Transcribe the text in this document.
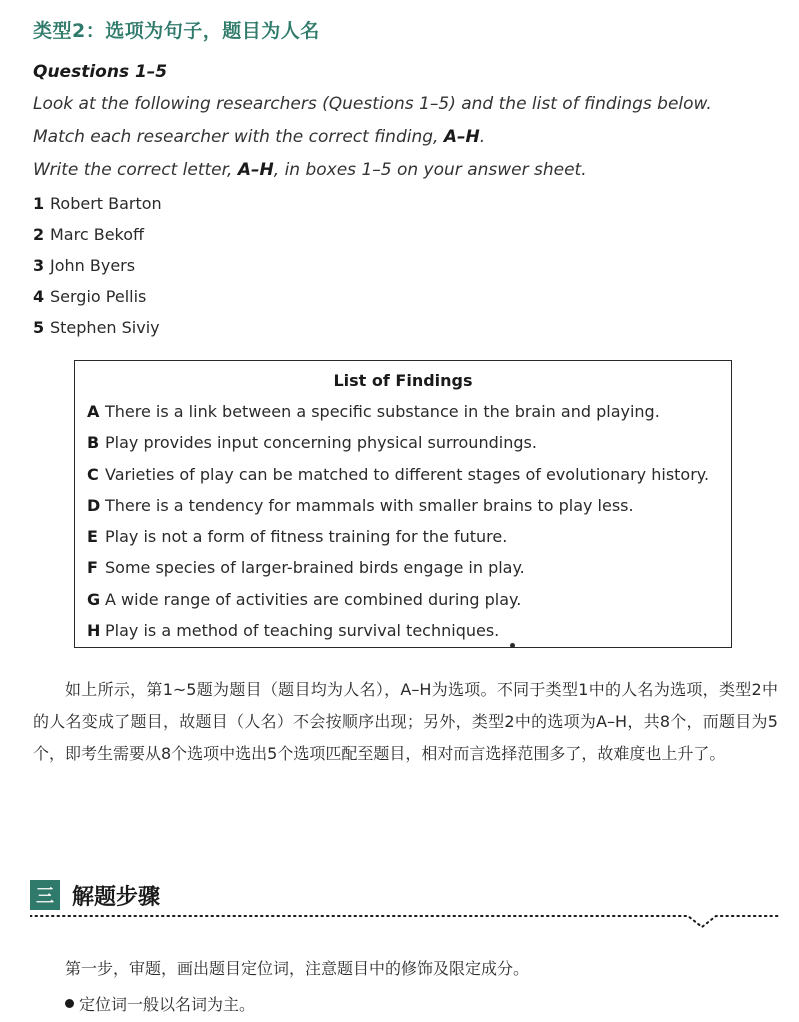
类型2：选项为句子，题目为人名
Questions 1–5
Look at the following researchers (Questions 1–5) and the list of findings below.
Match each researcher with the correct finding, A–H.
Write the correct letter, A–H, in boxes 1–5 on your answer sheet.
1 Robert Barton
2 Marc Bekoff
3 John Byers
4 Sergio Pellis
5 Stephen Siviy
List of Findings
A There is a link between a specific substance in the brain and playing.
B Play provides input concerning physical surroundings.
C Varieties of play can be matched to different stages of evolutionary history.
D There is a tendency for mammals with smaller brains to play less.
E Play is not a form of fitness training for the future.
F Some species of larger-brained birds engage in play.
G A wide range of activities are combined during play.
H Play is a method of teaching survival techniques.

如上所示，第1~5题为题目（题目均为人名），A–H为选项。不同于类型1中的人名为选项，类型2中的人名变成了题目，故题目（人名）不会按顺序出现；另外，类型2中的选项为A–H，共8个，而题目为5个，即考生需要从8个选项中选出5个选项匹配至题目，相对而言选择范围多了，故难度也上升了。

三 解题步骤
第一步，审题，画出题目定位词，注意题目中的修饰及限定成分。
定位词一般以名词为主。
